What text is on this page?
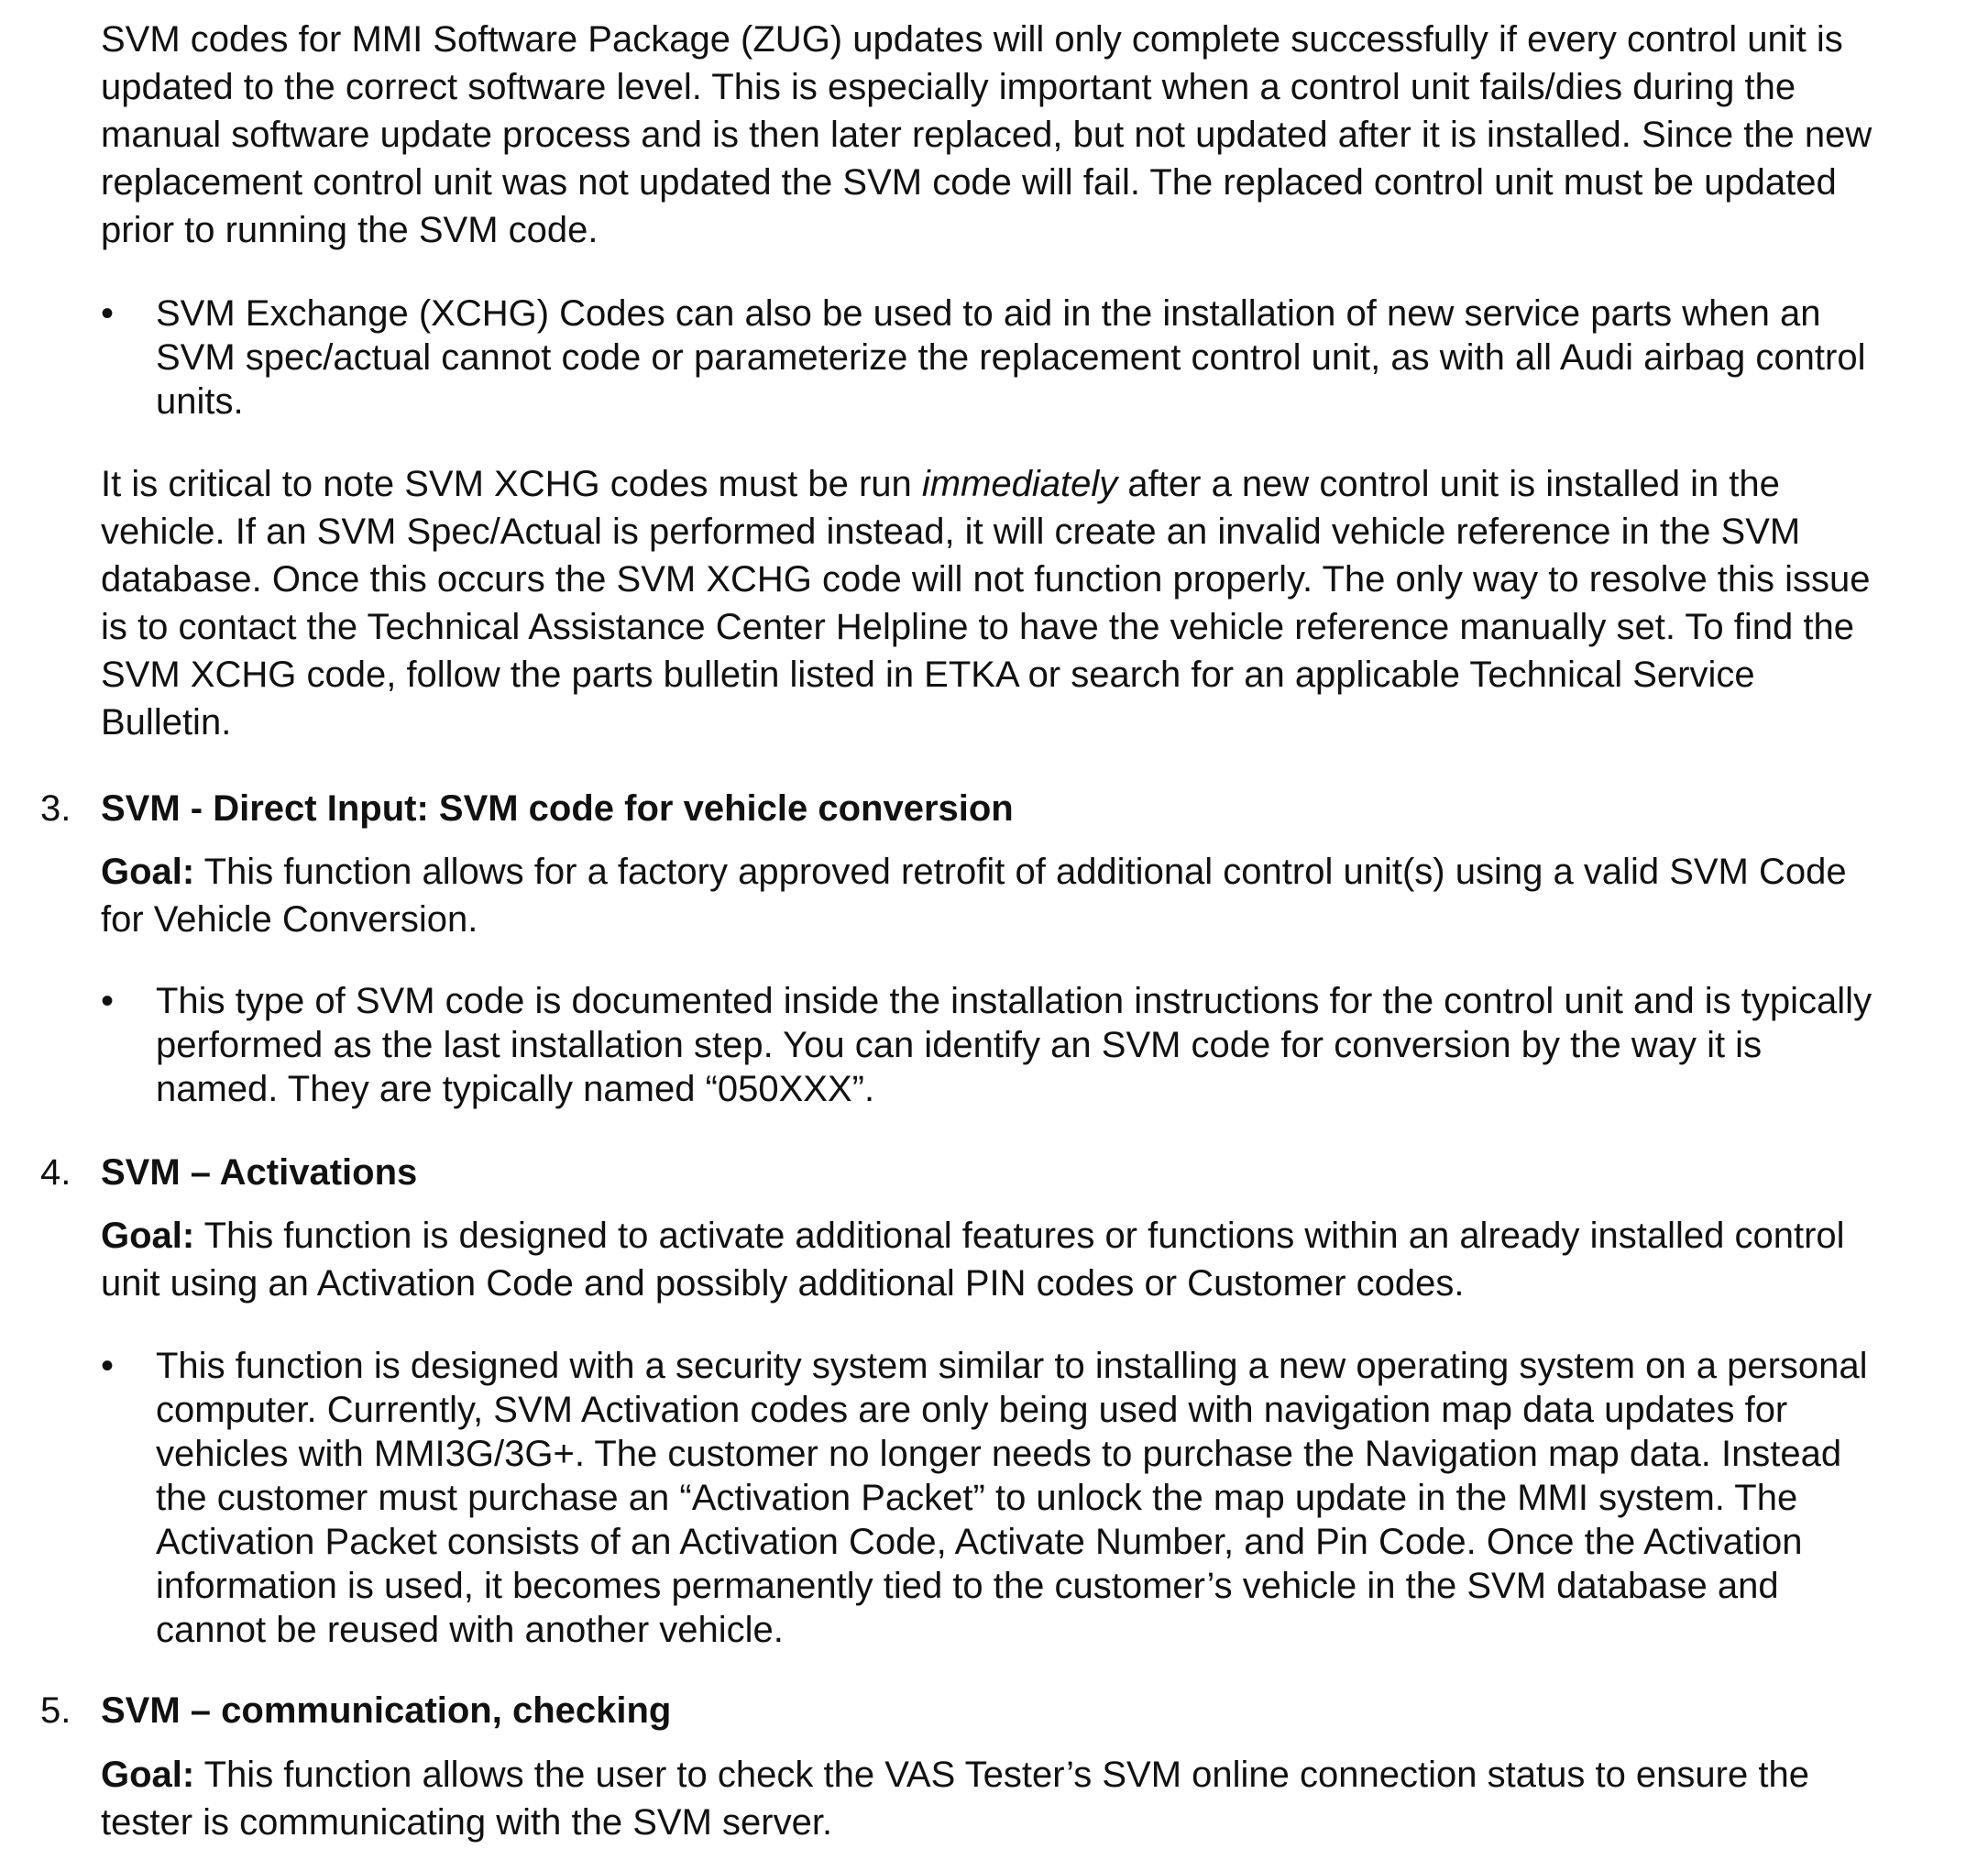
SVM codes for MMI Software Package (ZUG) updates will only complete successfully if every control unit is
updated to the correct software level. This is especially important when a control unit fails/dies during the
manual software update process and is then later replaced, but not updated after it is installed. Since the new
replacement control unit was not updated the SVM code will fail. The replaced control unit must be updated
prior to running the SVM code.
•	SVM Exchange (XCHG) Codes can also be used to aid in the installation of new service parts when an
SVM spec/actual cannot code or parameterize the replacement control unit, as with all Audi airbag control
units.
It is critical to note SVM XCHG codes must be run immediately after a new control unit is installed in the
vehicle. If an SVM Spec/Actual is performed instead, it will create an invalid vehicle reference in the SVM
database. Once this occurs the SVM XCHG code will not function properly. The only way to resolve this issue
is to contact the Technical Assistance Center Helpline to have the vehicle reference manually set. To find the
SVM XCHG code, follow the parts bulletin listed in ETKA or search for an applicable Technical Service
Bulletin.
3. SVM - Direct Input: SVM code for vehicle conversion
Goal: This function allows for a factory approved retrofit of additional control unit(s) using a valid SVM Code
for Vehicle Conversion.
•	This type of SVM code is documented inside the installation instructions for the control unit and is typically
performed as the last installation step. You can identify an SVM code for conversion by the way it is
named. They are typically named “050XXX”.
4. SVM – Activations
Goal: This function is designed to activate additional features or functions within an already installed control
unit using an Activation Code and possibly additional PIN codes or Customer codes.
•	This function is designed with a security system similar to installing a new operating system on a personal
computer. Currently, SVM Activation codes are only being used with navigation map data updates for
vehicles with MMI3G/3G+. The customer no longer needs to purchase the Navigation map data. Instead
the customer must purchase an “Activation Packet” to unlock the map update in the MMI system. The
Activation Packet consists of an Activation Code, Activate Number, and Pin Code. Once the Activation
information is used, it becomes permanently tied to the customer’s vehicle in the SVM database and
cannot be reused with another vehicle.
5. SVM – communication, checking
Goal: This function allows the user to check the VAS Tester’s SVM online connection status to ensure the
tester is communicating with the SVM server.
